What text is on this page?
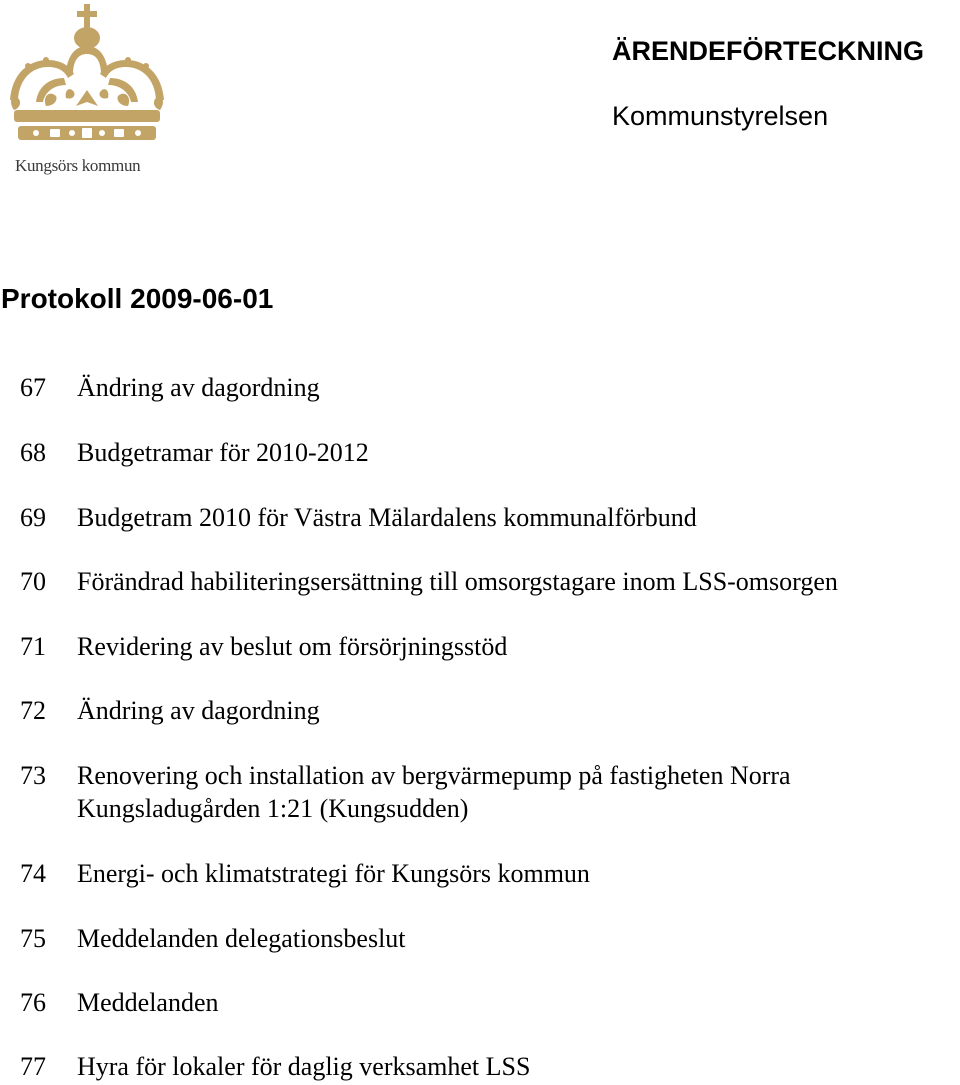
Kungsörs kommun
ÄRENDEFÖRTECKNING
Kommunstyrelsen
Protokoll 2009-06-01
67 Ändring av dagordning
68 Budgetramar för 2010-2012
69 Budgetram 2010 för Västra Mälardalens kommunalförbund
70 Förändrad habiliteringsersättning till omsorgstagare inom LSS-omsorgen
71 Revidering av beslut om försörjningsstöd
72 Ändring av dagordning
73 Renovering och installation av bergvärmepump på fastigheten Norra
Kungsladugården 1:21 (Kungsudden)
74 Energi- och klimatstrategi för Kungsörs kommun
75 Meddelanden delegationsbeslut
76 Meddelanden
77 Hyra för lokaler för daglig verksamhet LSS
